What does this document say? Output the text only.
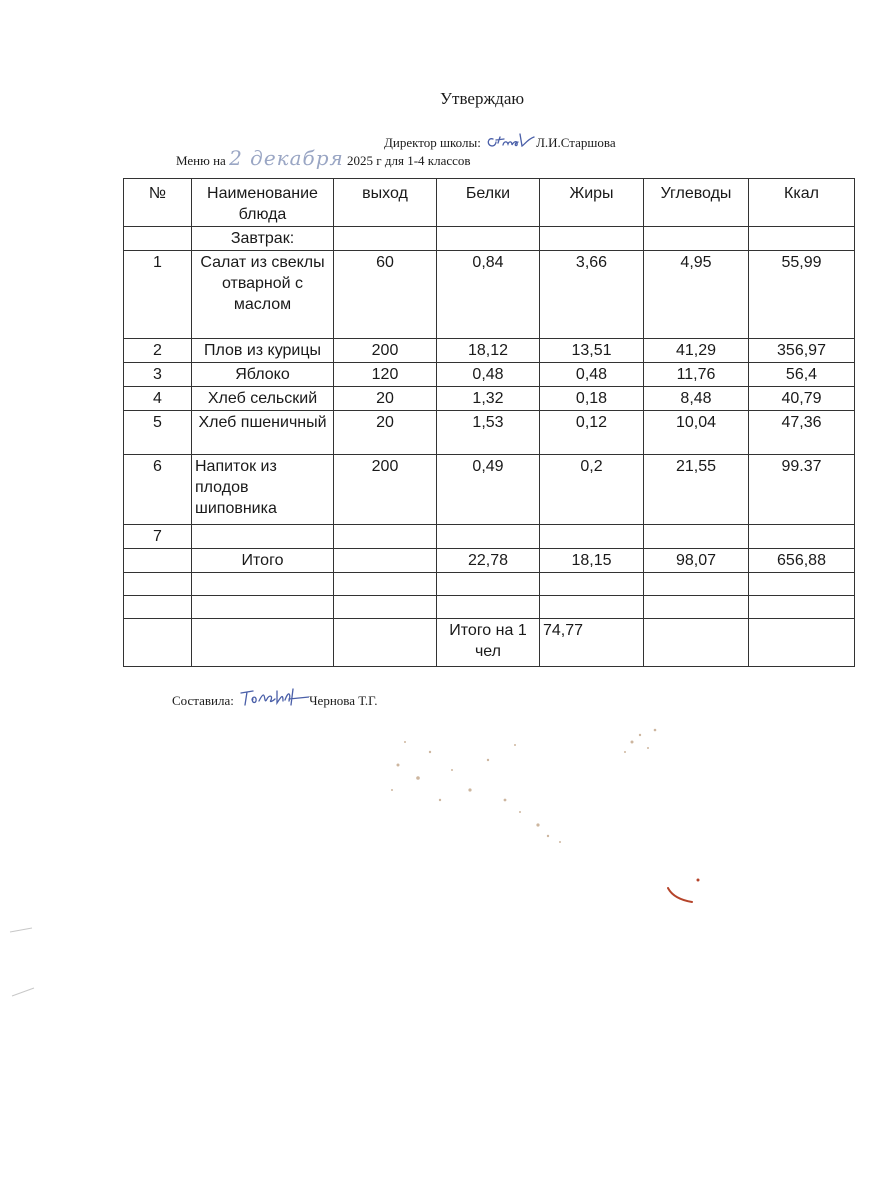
Утверждаю
Директор школы:	Л.И.Старшова
Меню на 2 декабря 2025 г для 1-4 классов
№	Наименование блюда	выход	Белки	Жиры	Углеводы	Ккал
	Завтрак:					
1	Салат из свеклы отварной с маслом	60	0,84	3,66	4,95	55,99
2	Плов из курицы	200	18,12	13,51	41,29	356,97
3	Яблоко	120	0,48	0,48	11,76	56,4
4	Хлеб сельский	20	1,32	0,18	8,48	40,79
5	Хлеб пшеничный	20	1,53	0,12	10,04	47,36
6	Напиток из плодов шиповника	200	0,49	0,2	21,55	99.37
7						
	Итого		22,78	18,15	98,07	656,88

			Итого на 1 чел	74,77		
Составила:	Чернова Т.Г.
